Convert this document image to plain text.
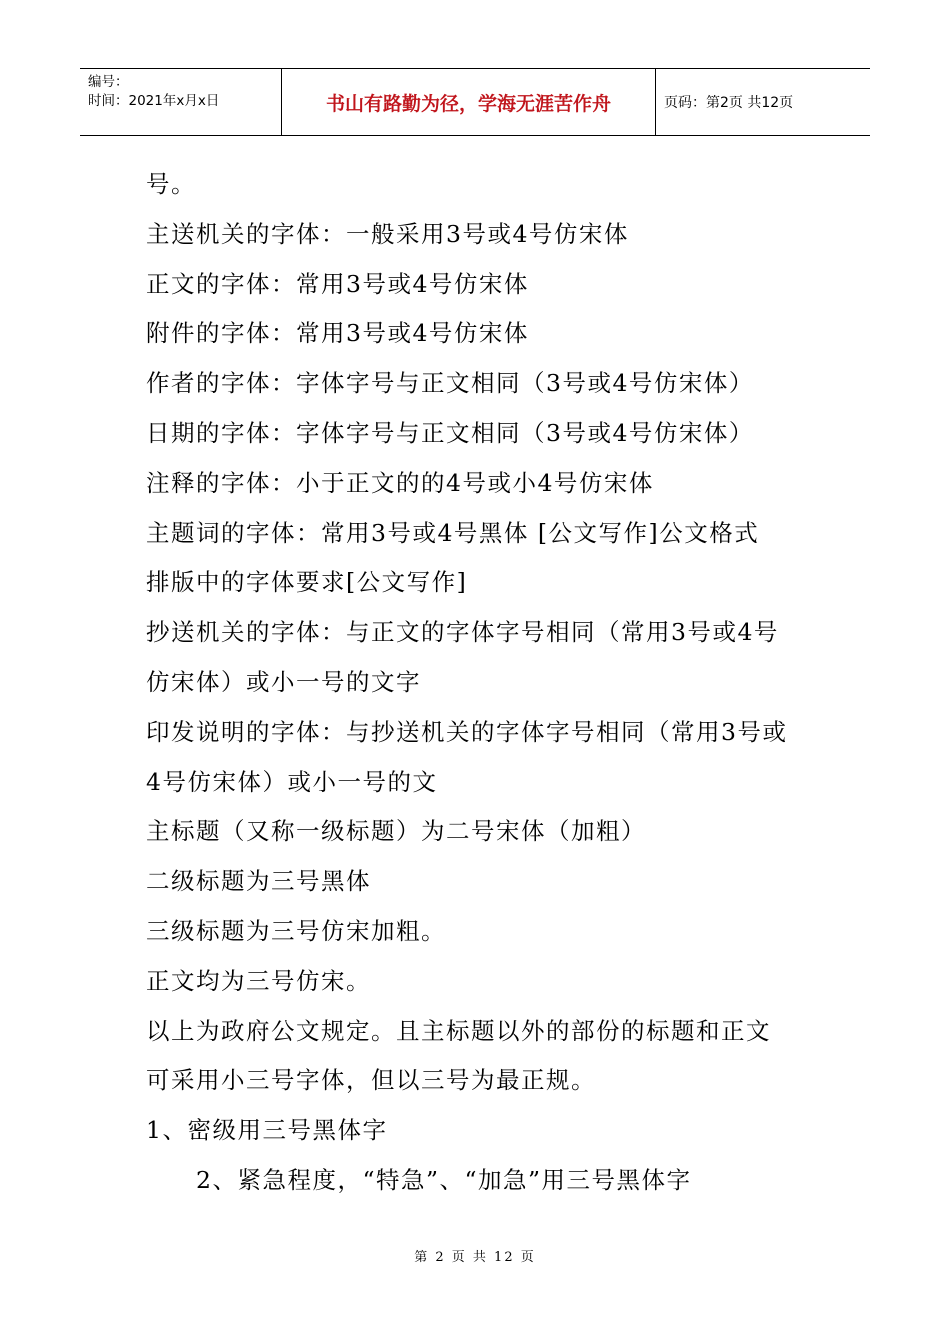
编号：
时间：2021年x月x日	书山有路勤为径，学海无涯苦作舟	页码：第2页 共12页

号。

主送机关的字体：一般采用3号或4号仿宋体

正文的字体：常用3号或4号仿宋体

附件的字体：常用3号或4号仿宋体

作者的字体：字体字号与正文相同（3号或4号仿宋体）

日期的字体：字体字号与正文相同（3号或4号仿宋体）

注释的字体：小于正文的的4号或小4号仿宋体

主题词的字体：常用3号或4号黑体 [公文写作]公文格式

排版中的字体要求[公文写作]

抄送机关的字体：与正文的字体字号相同（常用3号或4号

仿宋体）或小一号的文字

印发说明的字体：与抄送机关的字体字号相同（常用3号或

4号仿宋体）或小一号的文

主标题（又称一级标题）为二号宋体（加粗）

二级标题为三号黑体

三级标题为三号仿宋加粗。

正文均为三号仿宋。

以上为政府公文规定。且主标题以外的部份的标题和正文

可采用小三号字体，但以三号为最正规。

1、密级用三号黑体字

2、紧急程度，“特急”、“加急”用三号黑体字

第 2 页 共 12 页
